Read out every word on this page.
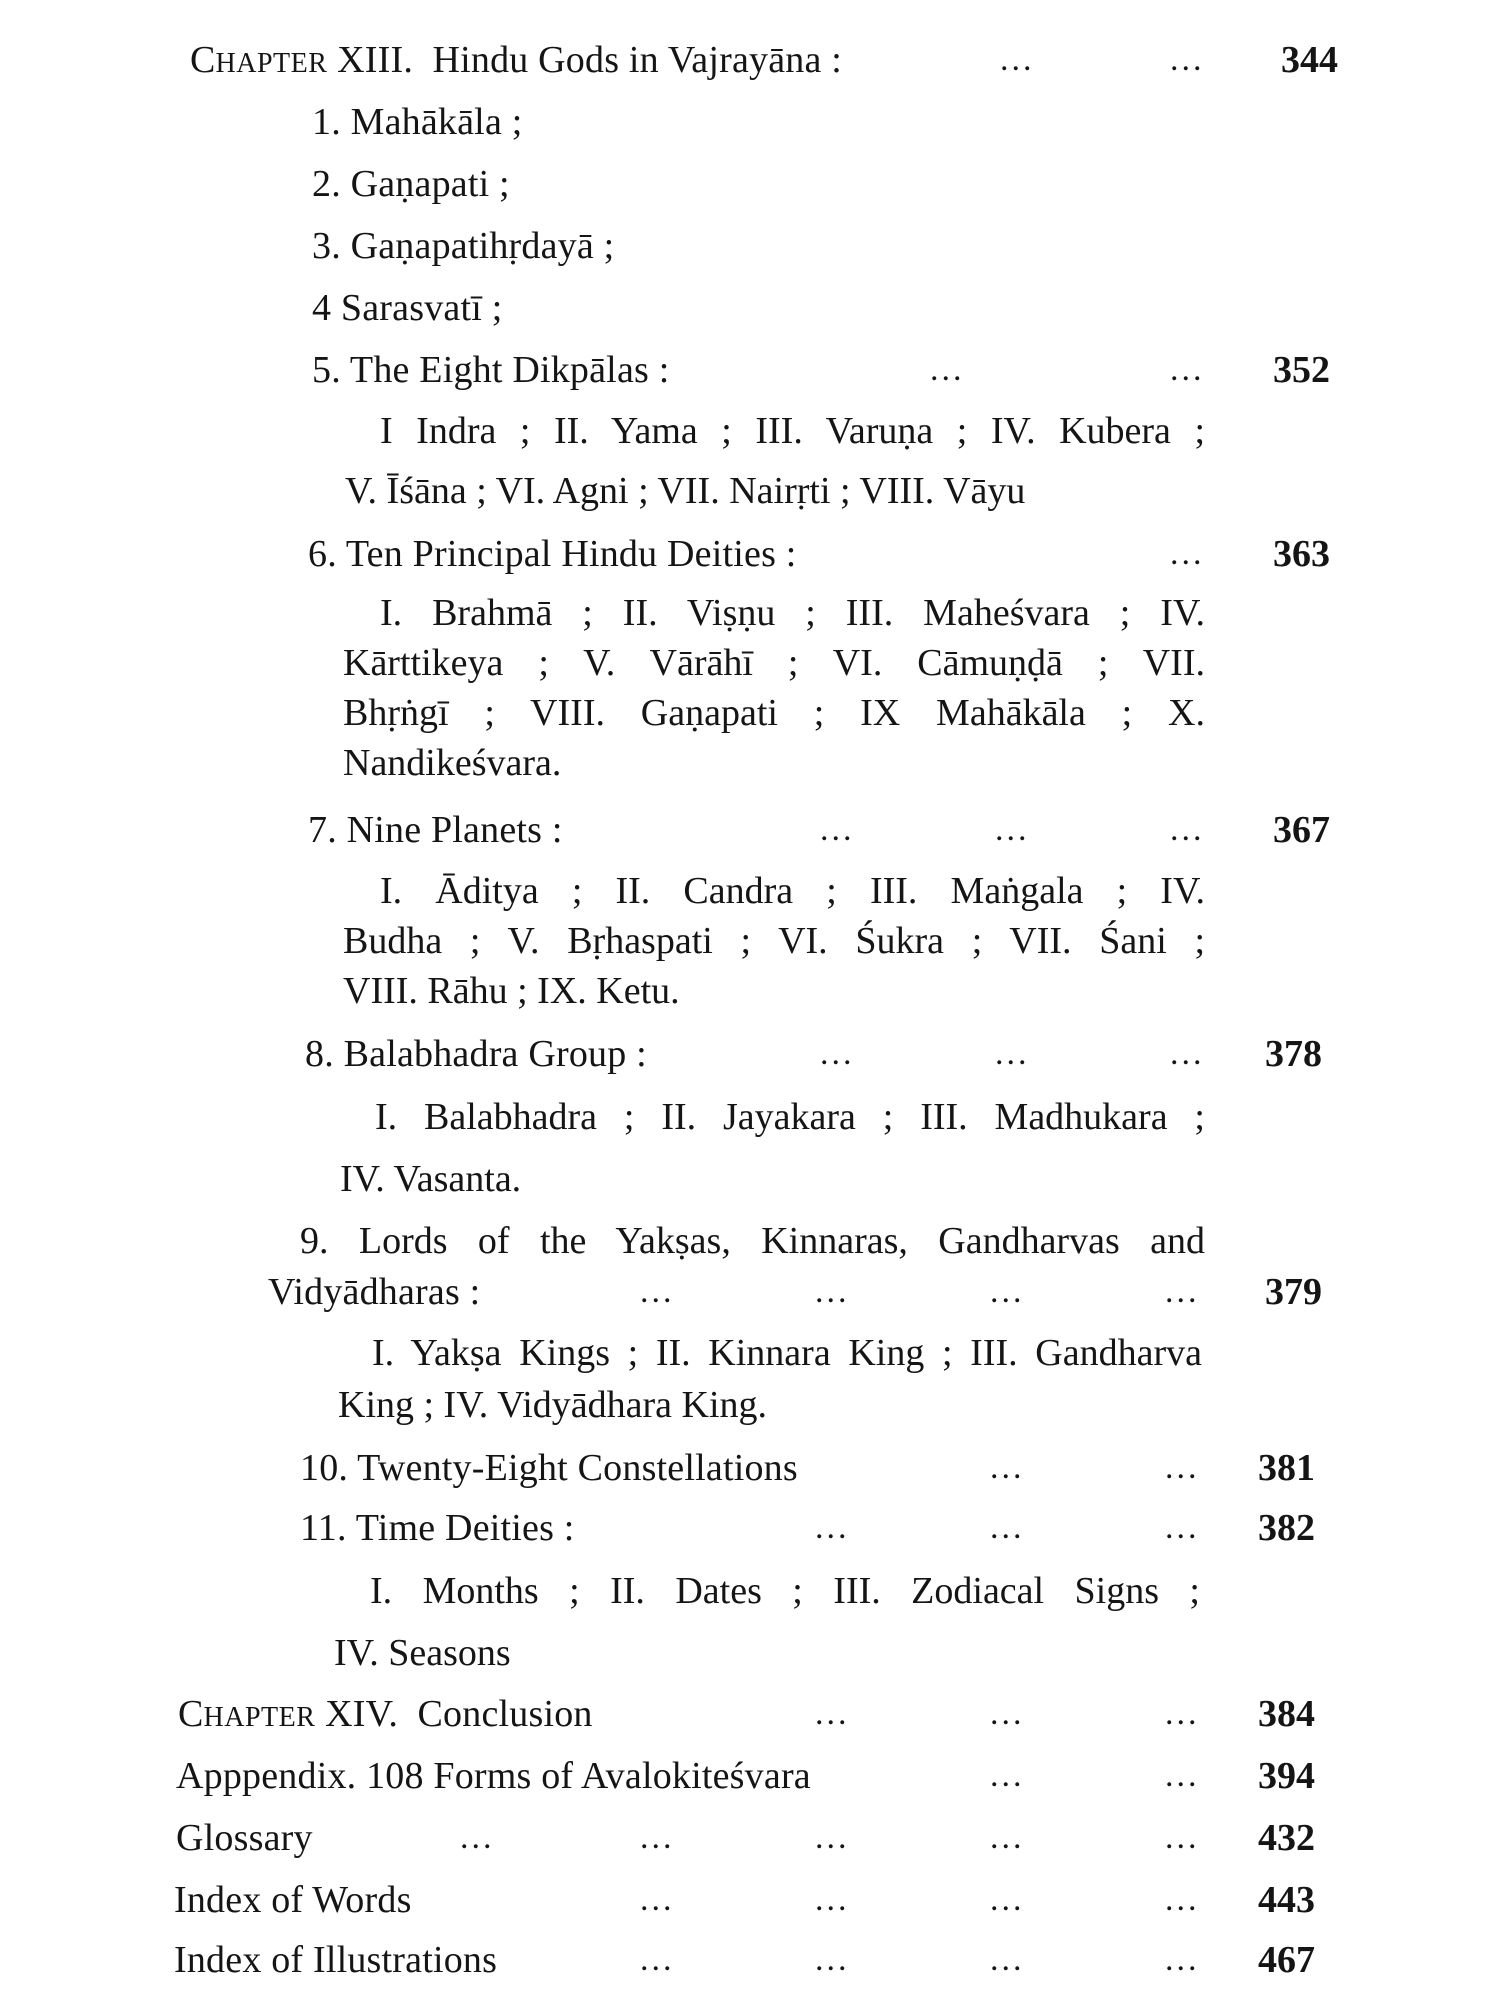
CHAPTER XIII. Hindu Gods in Vajrayāna :	...	...	344
1. Mahākāla ;
2. Gaṇapati ;
3. Gaṇapatihṛdayā ;
4 Sarasvatī ;
5. The Eight Dikpālas :	...	...	352
I Indra ; II. Yama ; III. Varuṇa ; IV. Kubera ;
V. Īśāna ; VI. Agni ; VII. Nairṛti ; VIII. Vāyu
6. Ten Principal Hindu Deities :	...	363
I. Brahmā ; II. Viṣṇu ; III. Maheśvara ; IV.
Kārttikeya ; V. Vārāhī ; VI. Cāmuṇḍā ; VII.
Bhṛṅgī ; VIII. Gaṇapati ; IX Mahākāla ; X.
Nandikeśvara.
7. Nine Planets :	...	...	...	367
I. Āditya ; II. Candra ; III. Maṅgala ; IV.
Budha ; V. Bṛhaspati ; VI. Śukra ; VII. Śani ;
VIII. Rāhu ; IX. Ketu.
8. Balabhadra Group :	...	...	...	378
I. Balabhadra ; II. Jayakara ; III. Madhukara ;
IV. Vasanta.
9. Lords of the Yakṣas, Kinnaras, Gandharvas and
Vidyādharas :	...	...	...	...	379
I. Yakṣa Kings ; II. Kinnara King ; III. Gandharva
King ; IV. Vidyādhara King.
10. Twenty-Eight Constellations	...	...	381
11. Time Deities :	...	...	...	382
I. Months ; II. Dates ; III. Zodiacal Signs ;
IV. Seasons
CHAPTER XIV. Conclusion	...	...	...	384
Apppendix. 108 Forms of Avalokiteśvara	...	...	394
Glossary	...	...	...	...	...	432
Index of Words	...	...	...	...	443
Index of Illustrations	...	...	...	...	467
